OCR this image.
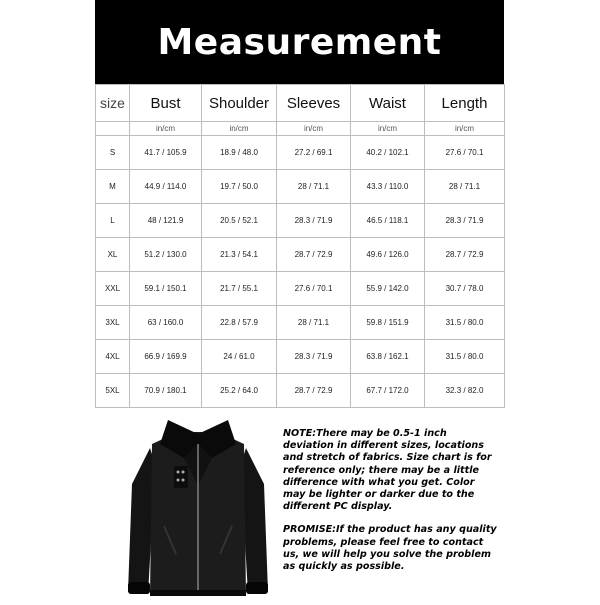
Measurement
size	Bust	Shoulder	Sleeves	Waist	Length
	in/cm	in/cm	in/cm	in/cm	in/cm
S	41.7 / 105.9	18.9 / 48.0	27.2 / 69.1	40.2 / 102.1	27.6 / 70.1
M	44.9 / 114.0	19.7 / 50.0	28 / 71.1	43.3 / 110.0	28 / 71.1
L	48 / 121.9	20.5 / 52.1	28.3 / 71.9	46.5 / 118.1	28.3 / 71.9
XL	51.2 / 130.0	21.3 / 54.1	28.7 / 72.9	49.6 / 126.0	28.7 / 72.9
XXL	59.1 / 150.1	21.7 / 55.1	27.6 / 70.1	55.9 / 142.0	30.7 / 78.0
3XL	63 / 160.0	22.8 / 57.9	28 / 71.1	59.8 / 151.9	31.5 / 80.0
4XL	66.9 / 169.9	24 / 61.0	28.3 / 71.9	63.8 / 162.1	31.5 / 80.0
5XL	70.9 / 180.1	25.2 / 64.0	28.7 / 72.9	67.7 / 172.0	32.3 / 82.0

NOTE:There may be 0.5-1 inch deviation in different sizes, locations and stretch of fabrics. Size chart is for reference only; there may be a little difference with what you get. Color may be lighter or darker due to the different PC display.

PROMISE:If the product has any quality problems, please feel free to contact us, we will help you solve the problem as quickly as possible.
